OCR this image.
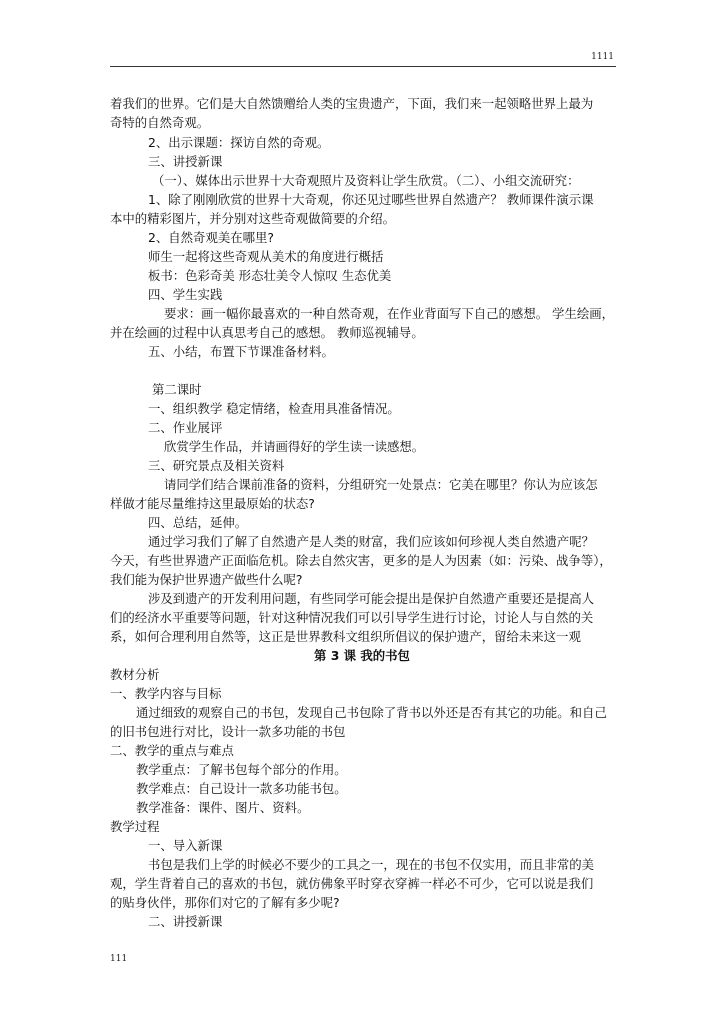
1111
着我们的世界。它们是大自然馈赠给人类的宝贵遗产，下面，我们来一起领略世界上最为
奇特的自然奇观。
2、出示课题：探访自然的奇观。
三、讲授新课
（一）、媒体出示世界十大奇观照片及资料让学生欣赏。（二）、小组交流研究：
1、除了刚刚欣赏的世界十大奇观，你还见过哪些世界自然遗产？ 教师课件演示课
本中的精彩图片，并分别对这些奇观做简要的介绍。
2、自然奇观美在哪里?
师生一起将这些奇观从美术的角度进行概括
板书：色彩奇美 形态壮美令人惊叹 生态优美
四、学生实践
要求：画一幅你最喜欢的一种自然奇观，在作业背面写下自己的感想。 学生绘画，
并在绘画的过程中认真思考自己的感想。 教师巡视辅导。
五、小结，布置下节课准备材料。
第二课时
一、组织教学 稳定情绪，检查用具准备情况。
二、作业展评
欣赏学生作品，并请画得好的学生读一读感想。
三、研究景点及相关资料
请同学们结合课前准备的资料，分组研究一处景点：它美在哪里？你认为应该怎
样做才能尽量维持这里最原始的状态?
四、总结，延伸。
通过学习我们了解了自然遗产是人类的财富，我们应该如何珍视人类自然遗产呢？
今天，有些世界遗产正面临危机。除去自然灾害，更多的是人为因素（如：污染、战争等），
我们能为保护世界遗产做些什么呢?
涉及到遗产的开发利用问题，有些同学可能会提出是保护自然遗产重要还是提高人
们的经济水平重要等问题，针对这种情况我们可以引导学生进行讨论，讨论人与自然的关
系，如何合理利用自然等，这正是世界教科文组织所倡议的保护遗产，留给未来这一观
第 3 课 我的书包
教材分析
一、教学内容与目标
通过细致的观察自己的书包，发现自己书包除了背书以外还是否有其它的功能。和自己
的旧书包进行对比，设计一款多功能的书包
二、教学的重点与难点
教学重点：了解书包每个部分的作用。
教学难点：自己设计一款多功能书包。
教学准备：课件、图片、资料。
教学过程
一、导入新课
书包是我们上学的时候必不要少的工具之一，现在的书包不仅实用，而且非常的美
观，学生背着自己的喜欢的书包，就仿佛象平时穿衣穿裤一样必不可少，它可以说是我们
的贴身伙伴，那你们对它的了解有多少呢?
二、讲授新课
111
